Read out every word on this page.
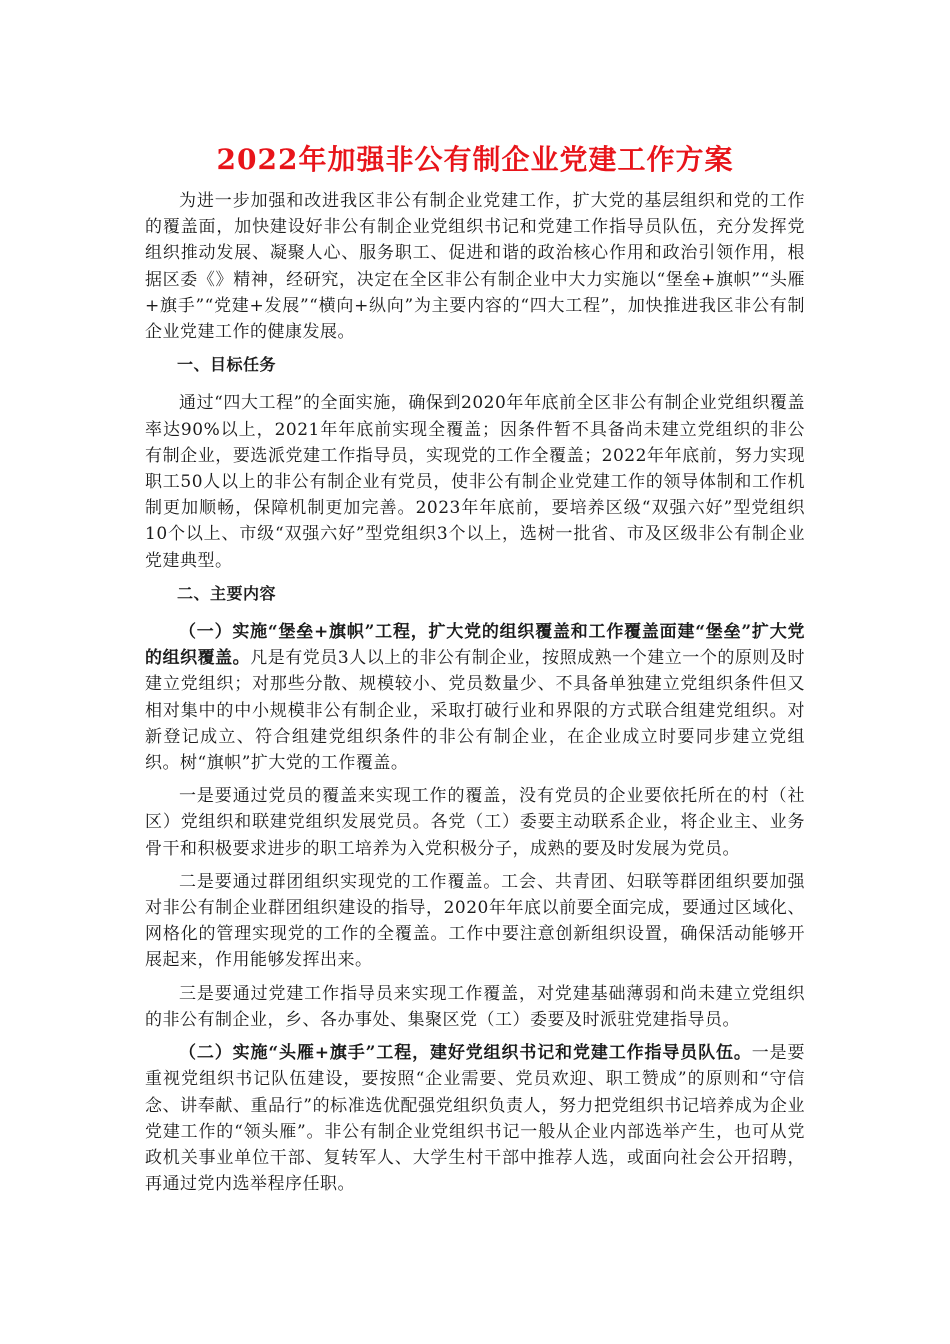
2022年加强非公有制企业党建工作方案

为进一步加强和改进我区非公有制企业党建工作，扩大党的基层组织和党的工作的覆盖面，加快建设好非公有制企业党组织书记和党建工作指导员队伍，充分发挥党组织推动发展、凝聚人心、服务职工、促进和谐的政治核心作用和政治引领作用，根据区委《》精神，经研究，决定在全区非公有制企业中大力实施以“堡垒+旗帜”“头雁+旗手”“党建+发展”“横向+纵向”为主要内容的“四大工程”，加快推进我区非公有制企业党建工作的健康发展。

一、目标任务

通过“四大工程”的全面实施，确保到2020年年底前全区非公有制企业党组织覆盖率达90%以上，2021年年底前实现全覆盖；因条件暂不具备尚未建立党组织的非公有制企业，要选派党建工作指导员，实现党的工作全覆盖；2022年年底前，努力实现职工50人以上的非公有制企业有党员，使非公有制企业党建工作的领导体制和工作机制更加顺畅，保障机制更加完善。2023年年底前，要培养区级“双强六好”型党组织10个以上、市级“双强六好”型党组织3个以上，选树一批省、市及区级非公有制企业党建典型。

二、主要内容

（一）实施“堡垒+旗帜”工程，扩大党的组织覆盖和工作覆盖面建“堡垒”扩大党的组织覆盖。凡是有党员3人以上的非公有制企业，按照成熟一个建立一个的原则及时建立党组织；对那些分散、规模较小、党员数量少、不具备单独建立党组织条件但又相对集中的中小规模非公有制企业，采取打破行业和界限的方式联合组建党组织。对新登记成立、符合组建党组织条件的非公有制企业，在企业成立时要同步建立党组织。树“旗帜”扩大党的工作覆盖。

一是要通过党员的覆盖来实现工作的覆盖，没有党员的企业要依托所在的村（社区）党组织和联建党组织发展党员。各党（工）委要主动联系企业，将企业主、业务骨干和积极要求进步的职工培养为入党积极分子，成熟的要及时发展为党员。

二是要通过群团组织实现党的工作覆盖。工会、共青团、妇联等群团组织要加强对非公有制企业群团组织建设的指导，2020年年底以前要全面完成，要通过区域化、网格化的管理实现党的工作的全覆盖。工作中要注意创新组织设置，确保活动能够开展起来，作用能够发挥出来。

三是要通过党建工作指导员来实现工作覆盖，对党建基础薄弱和尚未建立党组织的非公有制企业，乡、各办事处、集聚区党（工）委要及时派驻党建指导员。

（二）实施“头雁+旗手”工程，建好党组织书记和党建工作指导员队伍。一是要重视党组织书记队伍建设，要按照“企业需要、党员欢迎、职工赞成”的原则和“守信念、讲奉献、重品行”的标准选优配强党组织负责人，努力把党组织书记培养成为企业党建工作的“领头雁”。非公有制企业党组织书记一般从企业内部选举产生，也可从党政机关事业单位干部、复转军人、大学生村干部中推荐人选，或面向社会公开招聘，再通过党内选举程序任职。
